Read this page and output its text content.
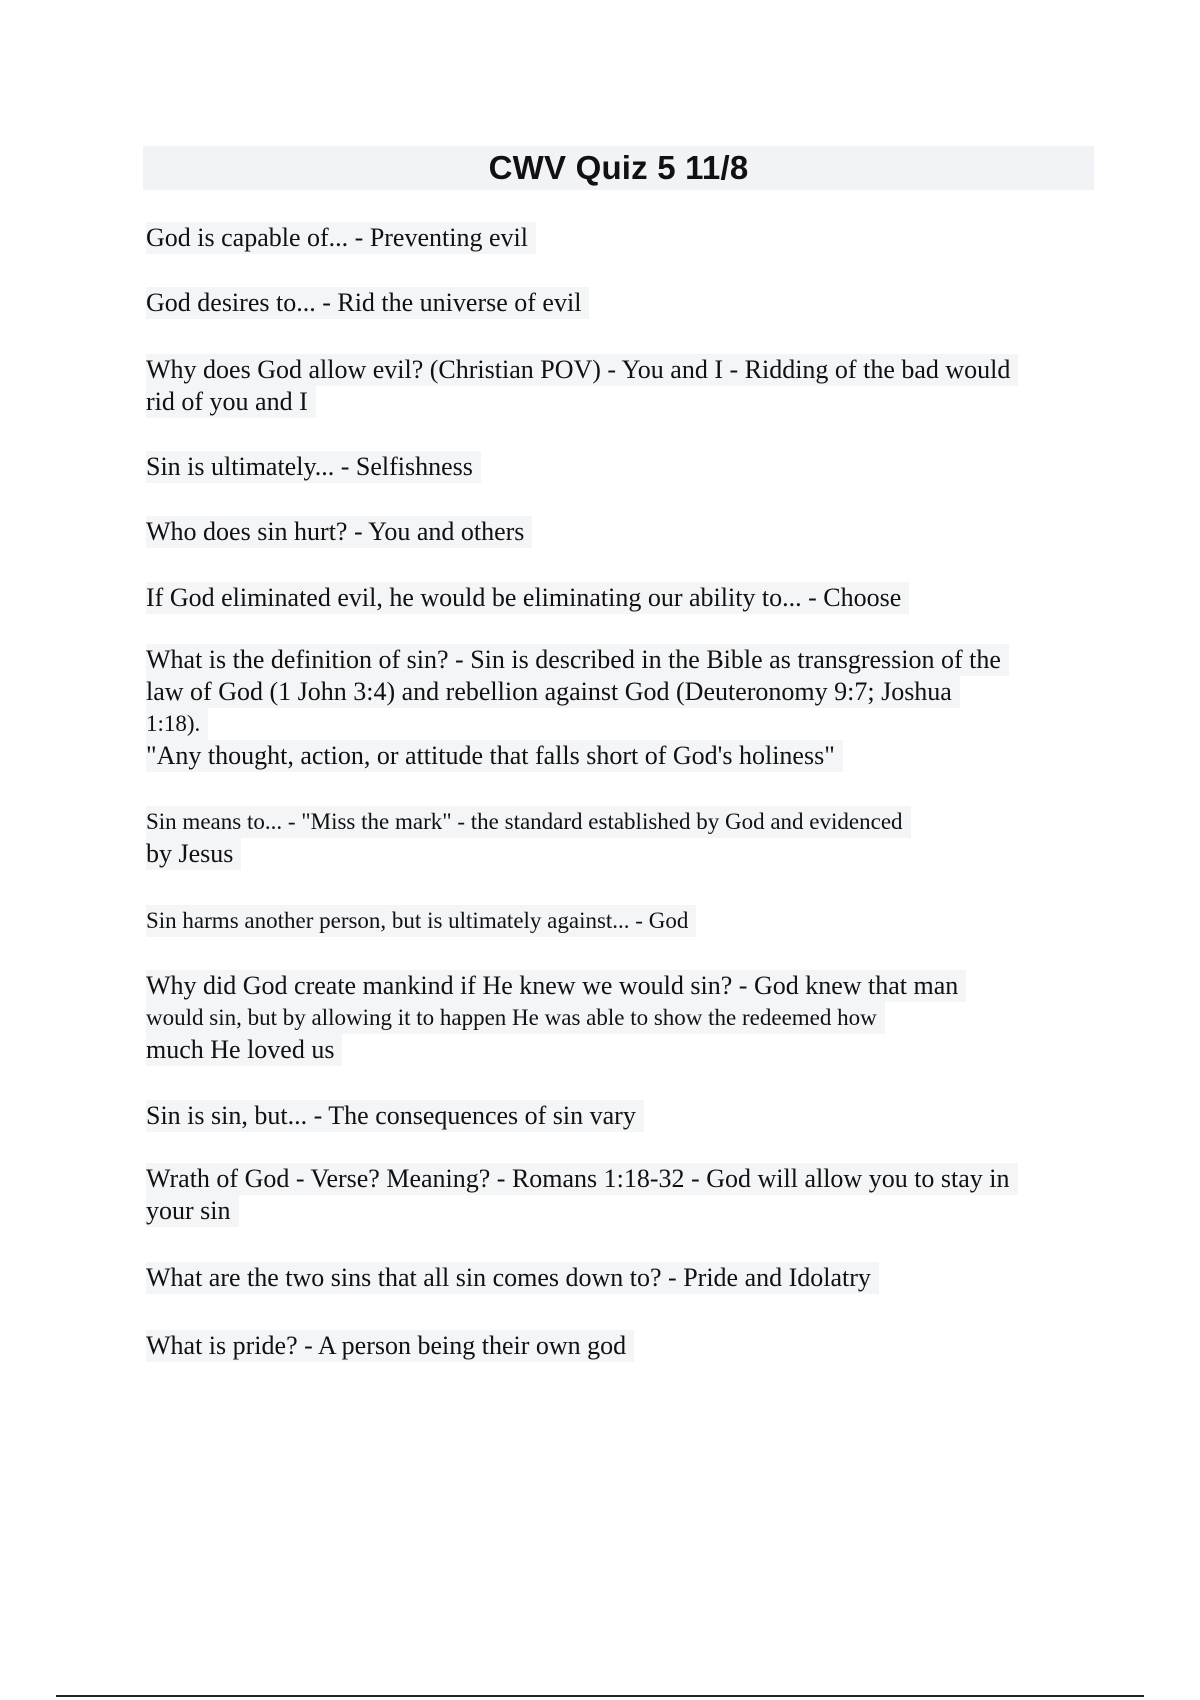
CWV Quiz 5 11/8
God is capable of... - Preventing evil
God desires to... - Rid the universe of evil
Why does God allow evil? (Christian POV) - You and I - Ridding of the bad would
rid of you and I
Sin is ultimately... - Selfishness
Who does sin hurt? - You and others
If God eliminated evil, he would be eliminating our ability to... - Choose
What is the definition of sin? - Sin is described in the Bible as transgression of the
law of God (1 John 3:4) and rebellion against God (Deuteronomy 9:7; Joshua
1:18).
"Any thought, action, or attitude that falls short of God's holiness"
Sin means to... - "Miss the mark" - the standard established by God and evidenced
by Jesus
Sin harms another person, but is ultimately against... - God
Why did God create mankind if He knew we would sin? - God knew that man
would sin, but by allowing it to happen He was able to show the redeemed how
much He loved us
Sin is sin, but... - The consequences of sin vary
Wrath of God - Verse? Meaning? - Romans 1:18-32 - God will allow you to stay in
your sin
What are the two sins that all sin comes down to? - Pride and Idolatry
What is pride? - A person being their own god
